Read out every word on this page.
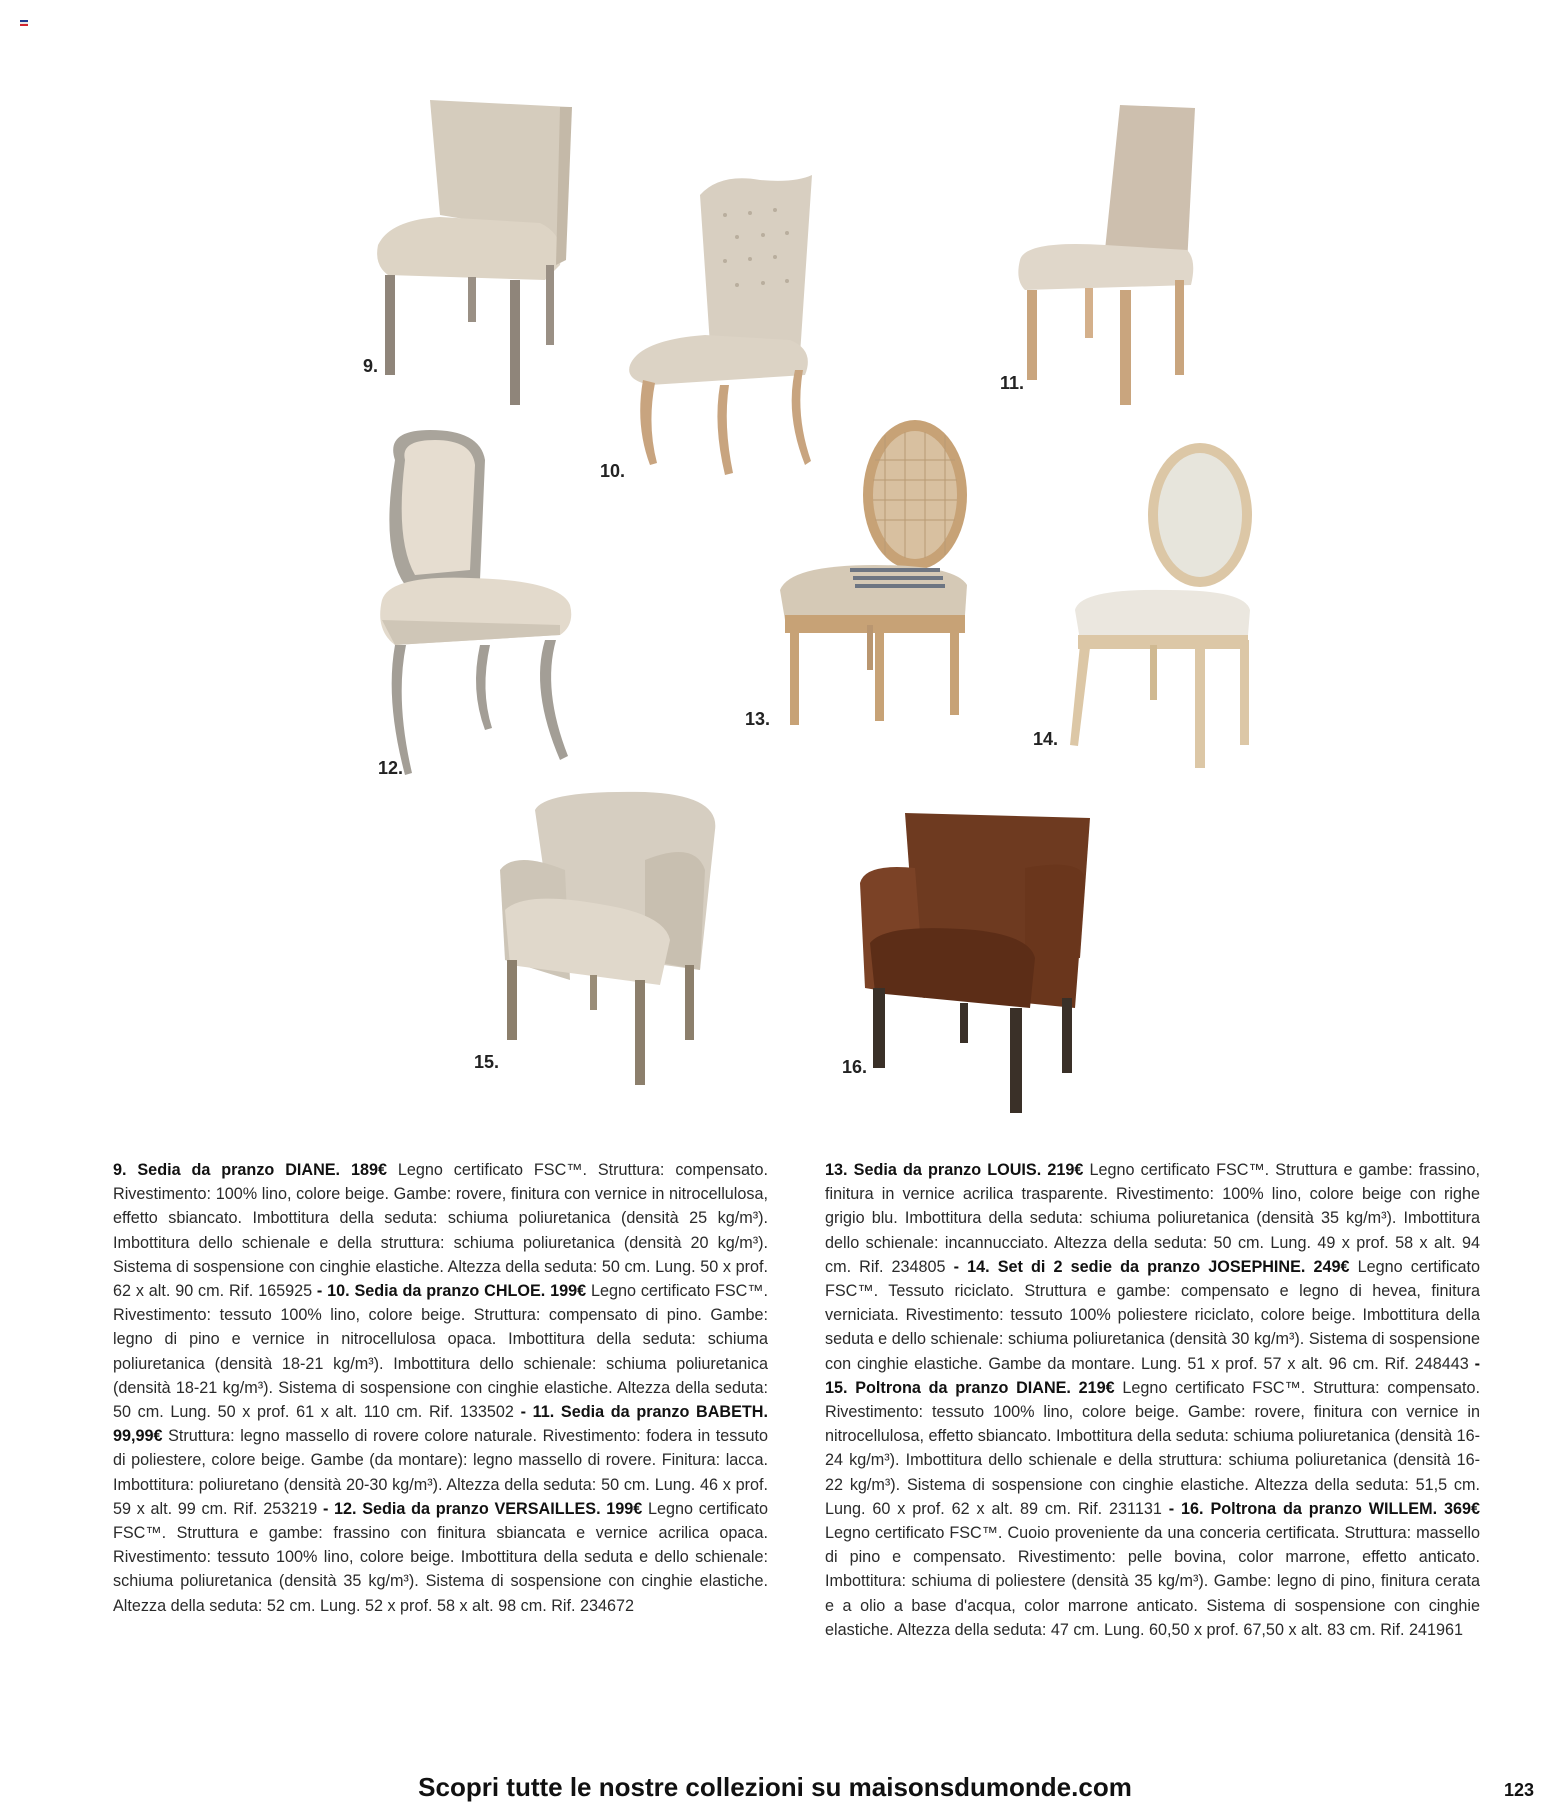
9.
10.
11.
12.
13.
14.
15.	16.
9. Sedia da pranzo DIANE. 189€ Legno certificato FSC™. Struttura: compensato. Rivestimento: 100% lino, colore beige. Gambe: rovere, finitura con vernice in nitrocellulosa, effetto sbiancato. Imbottitura della seduta: schiuma poliuretanica (densità 25 kg/m³). Imbottitura dello schienale e della struttura: schiuma poliuretanica (densità 20 kg/m³). Sistema di sospensione con cinghie elastiche. Altezza della seduta: 50 cm. Lung. 50 x prof. 62 x alt. 90 cm. Rif. 165925 - 10. Sedia da pranzo CHLOE. 199€ Legno certificato FSC™. Rivestimento: tessuto 100% lino, colore beige. Struttura: compensato di pino. Gambe: legno di pino e vernice in nitrocellulosa opaca. Imbottitura della seduta: schiuma poliuretanica (densità 18-21 kg/m³). Imbottitura dello schienale: schiuma poliuretanica (densità 18-21 kg/m³). Sistema di sospensione con cinghie elastiche. Altezza della seduta: 50 cm. Lung. 50 x prof. 61 x alt. 110 cm. Rif. 133502 - 11. Sedia da pranzo BABETH. 99,99€ Struttura: legno massello di rovere colore naturale. Rivestimento: fodera in tessuto di poliestere, colore beige. Gambe (da montare): legno massello di rovere. Finitura: lacca. Imbottitura: poliuretano (densità 20-30 kg/m³). Altezza della seduta: 50 cm. Lung. 46 x prof. 59 x alt. 99 cm. Rif. 253219 - 12. Sedia da pranzo VERSAILLES. 199€ Legno certificato FSC™. Struttura e gambe: frassino con finitura sbiancata e vernice acrilica opaca. Rivestimento: tessuto 100% lino, colore beige. Imbottitura della seduta e dello schienale: schiuma poliuretanica (densità 35 kg/m³). Sistema di sospensione con cinghie elastiche. Altezza della seduta: 52 cm. Lung. 52 x prof. 58 x alt. 98 cm. Rif. 234672
13. Sedia da pranzo LOUIS. 219€ Legno certificato FSC™. Struttura e gambe: frassino, finitura in vernice acrilica trasparente. Rivestimento: 100% lino, colore beige con righe grigio blu. Imbottitura della seduta: schiuma poliuretanica (densità 35 kg/m³). Imbottitura dello schienale: incannucciato. Altezza della seduta: 50 cm. Lung. 49 x prof. 58 x alt. 94 cm. Rif. 234805 - 14. Set di 2 sedie da pranzo JOSEPHINE. 249€ Legno certificato FSC™. Tessuto riciclato. Struttura e gambe: compensato e legno di hevea, finitura verniciata. Rivestimento: tessuto 100% poliestere riciclato, colore beige. Imbottitura della seduta e dello schienale: schiuma poliuretanica (densità 30 kg/m³). Sistema di sospensione con cinghie elastiche. Gambe da montare. Lung. 51 x prof. 57 x alt. 96 cm. Rif. 248443 - 15. Poltrona da pranzo DIANE. 219€ Legno certificato FSC™. Struttura: compensato. Rivestimento: tessuto 100% lino, colore beige. Gambe: rovere, finitura con vernice in nitrocellulosa, effetto sbiancato. Imbottitura della seduta: schiuma poliuretanica (densità 16-24 kg/m³). Imbottitura dello schienale e della struttura: schiuma poliuretanica (densità 16-22 kg/m³). Sistema di sospensione con cinghie elastiche. Altezza della seduta: 51,5 cm. Lung. 60 x prof. 62 x alt. 89 cm. Rif. 231131 - 16. Poltrona da pranzo WILLEM. 369€ Legno certificato FSC™. Cuoio proveniente da una conceria certificata. Struttura: massello di pino e compensato. Rivestimento: pelle bovina, color marrone, effetto anticato. Imbottitura: schiuma di poliestere (densità 35 kg/m³). Gambe: legno di pino, finitura cerata e a olio a base d'acqua, color marrone anticato. Sistema di sospensione con cinghie elastiche. Altezza della seduta: 47 cm. Lung. 60,50 x prof. 67,50 x alt. 83 cm. Rif. 241961
Scopri tutte le nostre collezioni su maisonsdumonde.com	123
